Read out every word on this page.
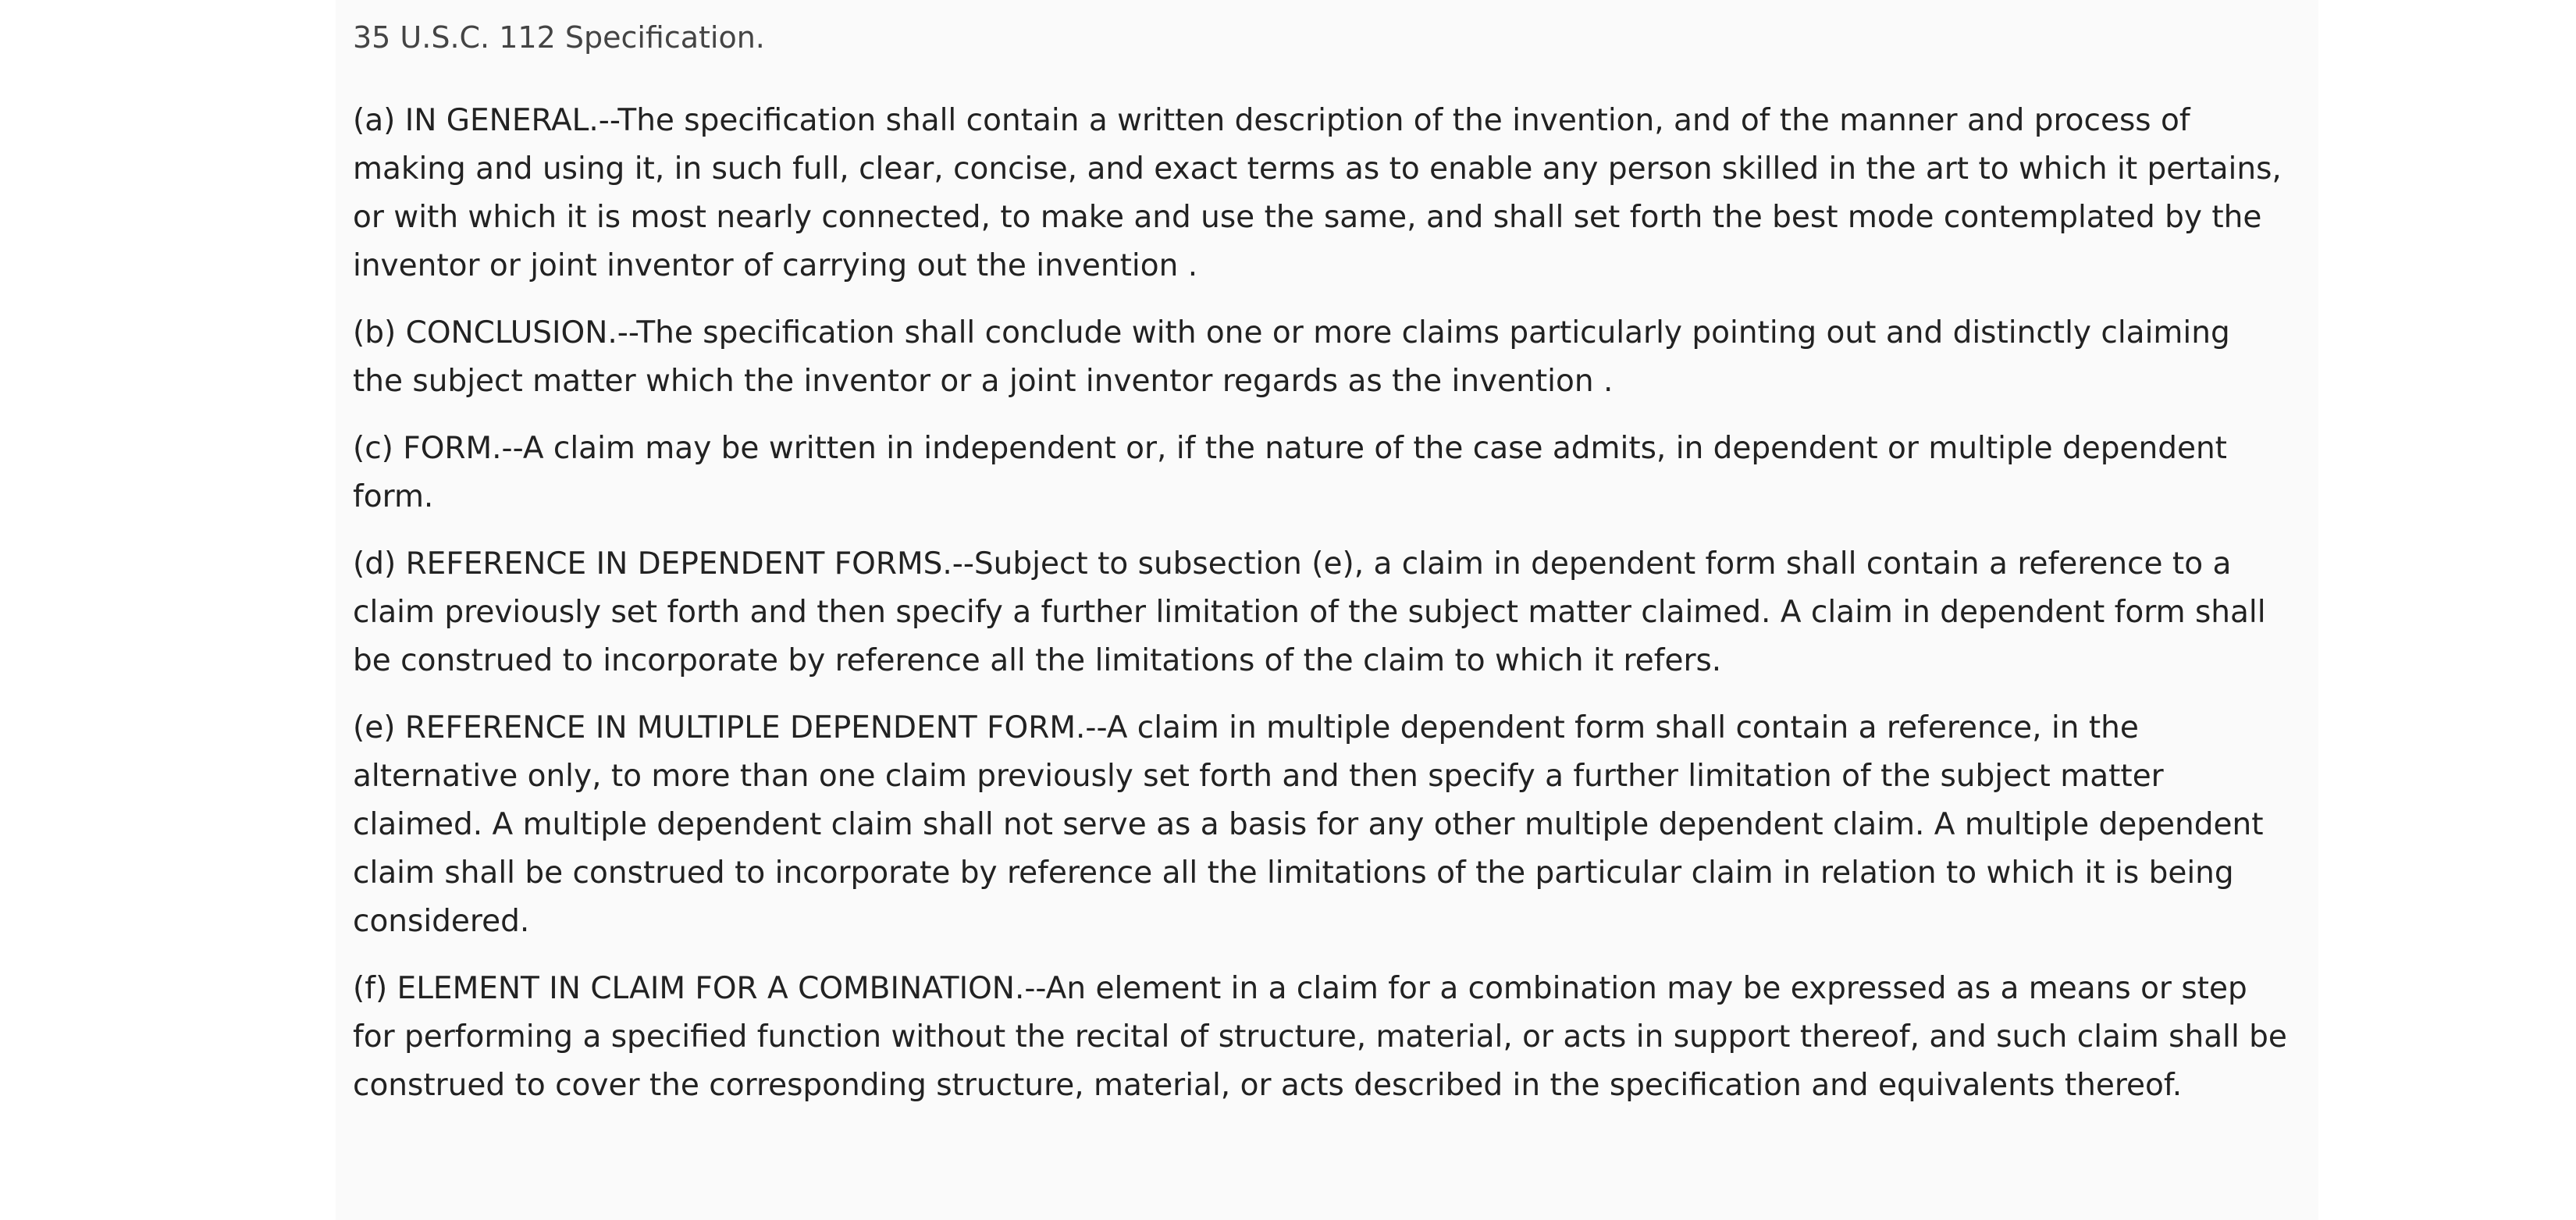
35 U.S.C. 112 Specification.

(a) IN GENERAL.--The specification shall contain a written description of the invention, and of the manner and process of making and using it, in such full, clear, concise, and exact terms as to enable any person skilled in the art to which it pertains, or with which it is most nearly connected, to make and use the same, and shall set forth the best mode contemplated by the inventor or joint inventor of carrying out the invention .

(b) CONCLUSION.--The specification shall conclude with one or more claims particularly pointing out and distinctly claiming the subject matter which the inventor or a joint inventor regards as the invention .

(c) FORM.--A claim may be written in independent or, if the nature of the case admits, in dependent or multiple dependent form.

(d) REFERENCE IN DEPENDENT FORMS.--Subject to subsection (e), a claim in dependent form shall contain a reference to a claim previously set forth and then specify a further limitation of the subject matter claimed. A claim in dependent form shall be construed to incorporate by reference all the limitations of the claim to which it refers.

(e) REFERENCE IN MULTIPLE DEPENDENT FORM.--A claim in multiple dependent form shall contain a reference, in the alternative only, to more than one claim previously set forth and then specify a further limitation of the subject matter claimed. A multiple dependent claim shall not serve as a basis for any other multiple dependent claim. A multiple dependent claim shall be construed to incorporate by reference all the limitations of the particular claim in relation to which it is being considered.

(f) ELEMENT IN CLAIM FOR A COMBINATION.--An element in a claim for a combination may be expressed as a means or step for performing a specified function without the recital of structure, material, or acts in support thereof, and such claim shall be construed to cover the corresponding structure, material, or acts described in the specification and equivalents thereof.
